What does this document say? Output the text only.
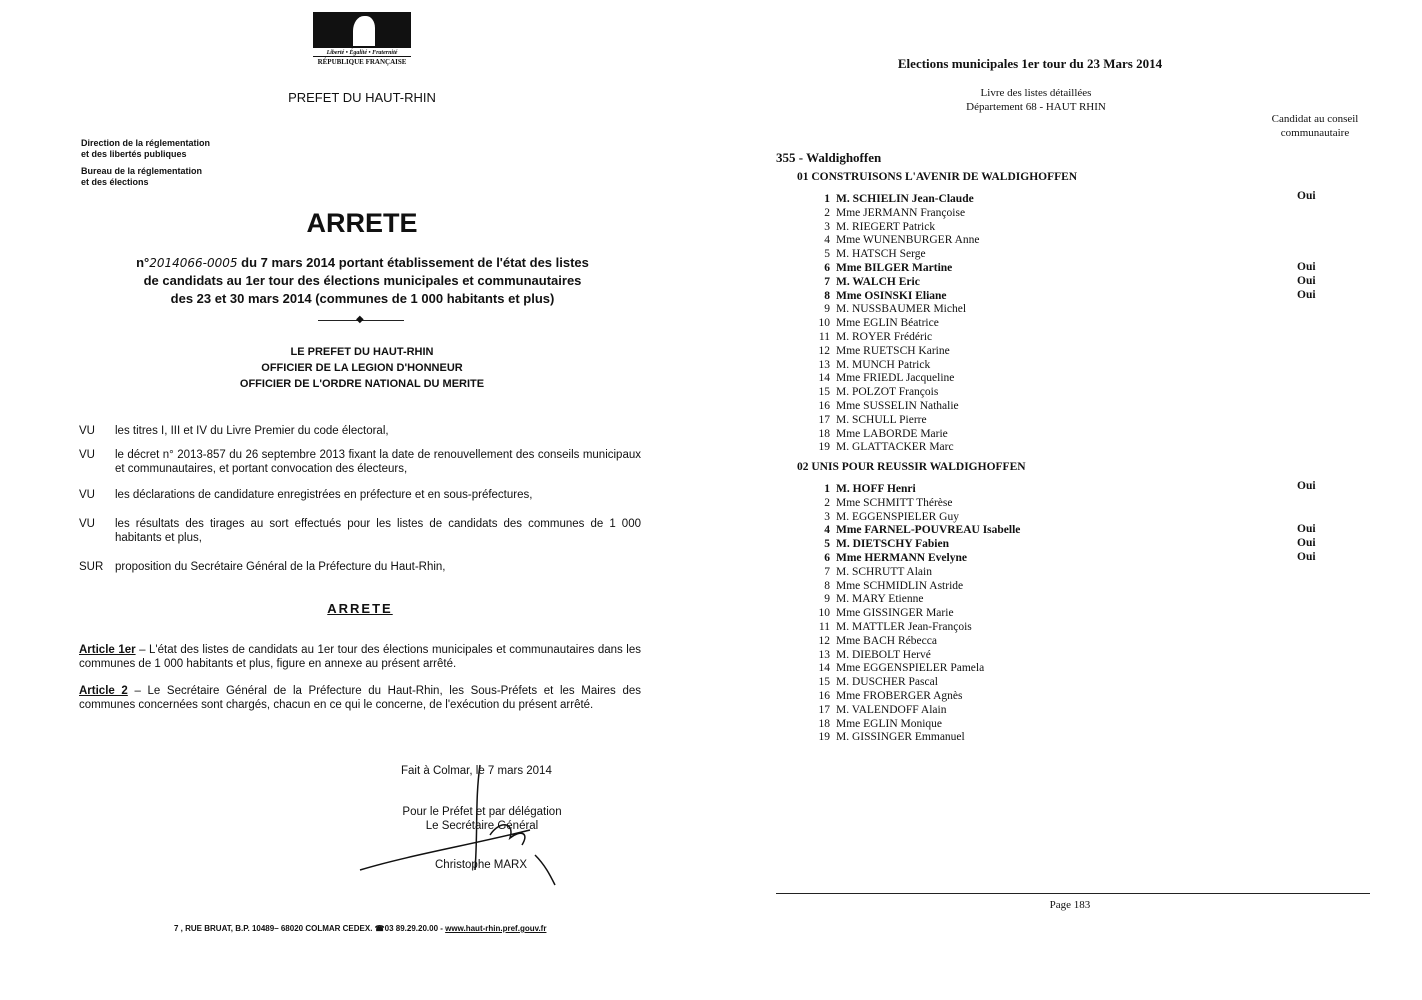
Liberté • Égalité • Fraternité
RÉPUBLIQUE FRANÇAISE
PREFET DU HAUT-RHIN
Direction de la réglementation
et des libertés publiques
Bureau de la réglementation
et des élections
ARRETE
n°2014066-0005 du 7 mars 2014 portant établissement de l'état des listes
de candidats au 1er tour des élections municipales et communautaires
des 23 et 30 mars 2014 (communes de 1 000 habitants et plus)
◆
LE PREFET DU HAUT-RHIN
OFFICIER DE LA LEGION D'HONNEUR
OFFICIER DE L'ORDRE NATIONAL DU MERITE
VU	les titres I, III et IV du Livre Premier du code électoral,
VU	le décret n° 2013-857 du 26 septembre 2013 fixant la date de renouvellement des conseils municipaux et communautaires, et portant convocation des électeurs,
VU	les déclarations de candidature enregistrées en préfecture et en sous-préfectures,
VU	les résultats des tirages au sort effectués pour les listes de candidats des communes de 1 000 habitants et plus,
SUR	proposition du Secrétaire Général de la Préfecture du Haut-Rhin,
ARRETE
Article 1er – L'état des listes de candidats au 1er tour des élections municipales et communautaires dans les communes de 1 000 habitants et plus, figure en annexe au présent arrêté.
Article 2 – Le Secrétaire Général de la Préfecture du Haut-Rhin, les Sous-Préfets et les Maires des communes concernées sont chargés, chacun en ce qui le concerne, de l'exécution du présent arrêté.
Fait à Colmar, le 7 mars 2014
Pour le Préfet et par délégation
Le Secrétaire Général
Christophe MARX
7 , RUE BRUAT, B.P. 10489– 68020 COLMAR CEDEX. ☎03 89.29.20.00 - www.haut-rhin.pref.gouv.fr
Elections municipales 1er tour du 23 Mars 2014
Livre des listes détaillées
Département 68 - HAUT RHIN
Candidat au conseil
communautaire
355 - Waldighoffen
01 CONSTRUISONS L'AVENIR DE WALDIGHOFFEN
1 M. SCHIELIN Jean-Claude	Oui
2 Mme JERMANN Françoise
3 M. RIEGERT Patrick
4 Mme WUNENBURGER Anne
5 M. HATSCH Serge
6 Mme BILGER Martine	Oui
7 M. WALCH Eric	Oui
8 Mme OSINSKI Eliane	Oui
9 M. NUSSBAUMER Michel
10 Mme EGLIN Béatrice
11 M. ROYER Frédéric
12 Mme RUETSCH Karine
13 M. MUNCH Patrick
14 Mme FRIEDL Jacqueline
15 M. POLZOT François
16 Mme SUSSELIN Nathalie
17 M. SCHULL Pierre
18 Mme LABORDE Marie
19 M. GLATTACKER Marc
02 UNIS POUR REUSSIR WALDIGHOFFEN
1 M. HOFF Henri	Oui
2 Mme SCHMITT Thérèse
3 M. EGGENSPIELER Guy
4 Mme FARNEL-POUVREAU Isabelle	Oui
5 M. DIETSCHY Fabien	Oui
6 Mme HERMANN Evelyne	Oui
7 M. SCHRUTT Alain
8 Mme SCHMIDLIN Astride
9 M. MARY Etienne
10 Mme GISSINGER Marie
11 M. MATTLER Jean-François
12 Mme BACH Rébecca
13 M. DIEBOLT Hervé
14 Mme EGGENSPIELER Pamela
15 M. DUSCHER Pascal
16 Mme FROBERGER Agnès
17 M. VALENDOFF Alain
18 Mme EGLIN Monique
19 M. GISSINGER Emmanuel
Page 183
